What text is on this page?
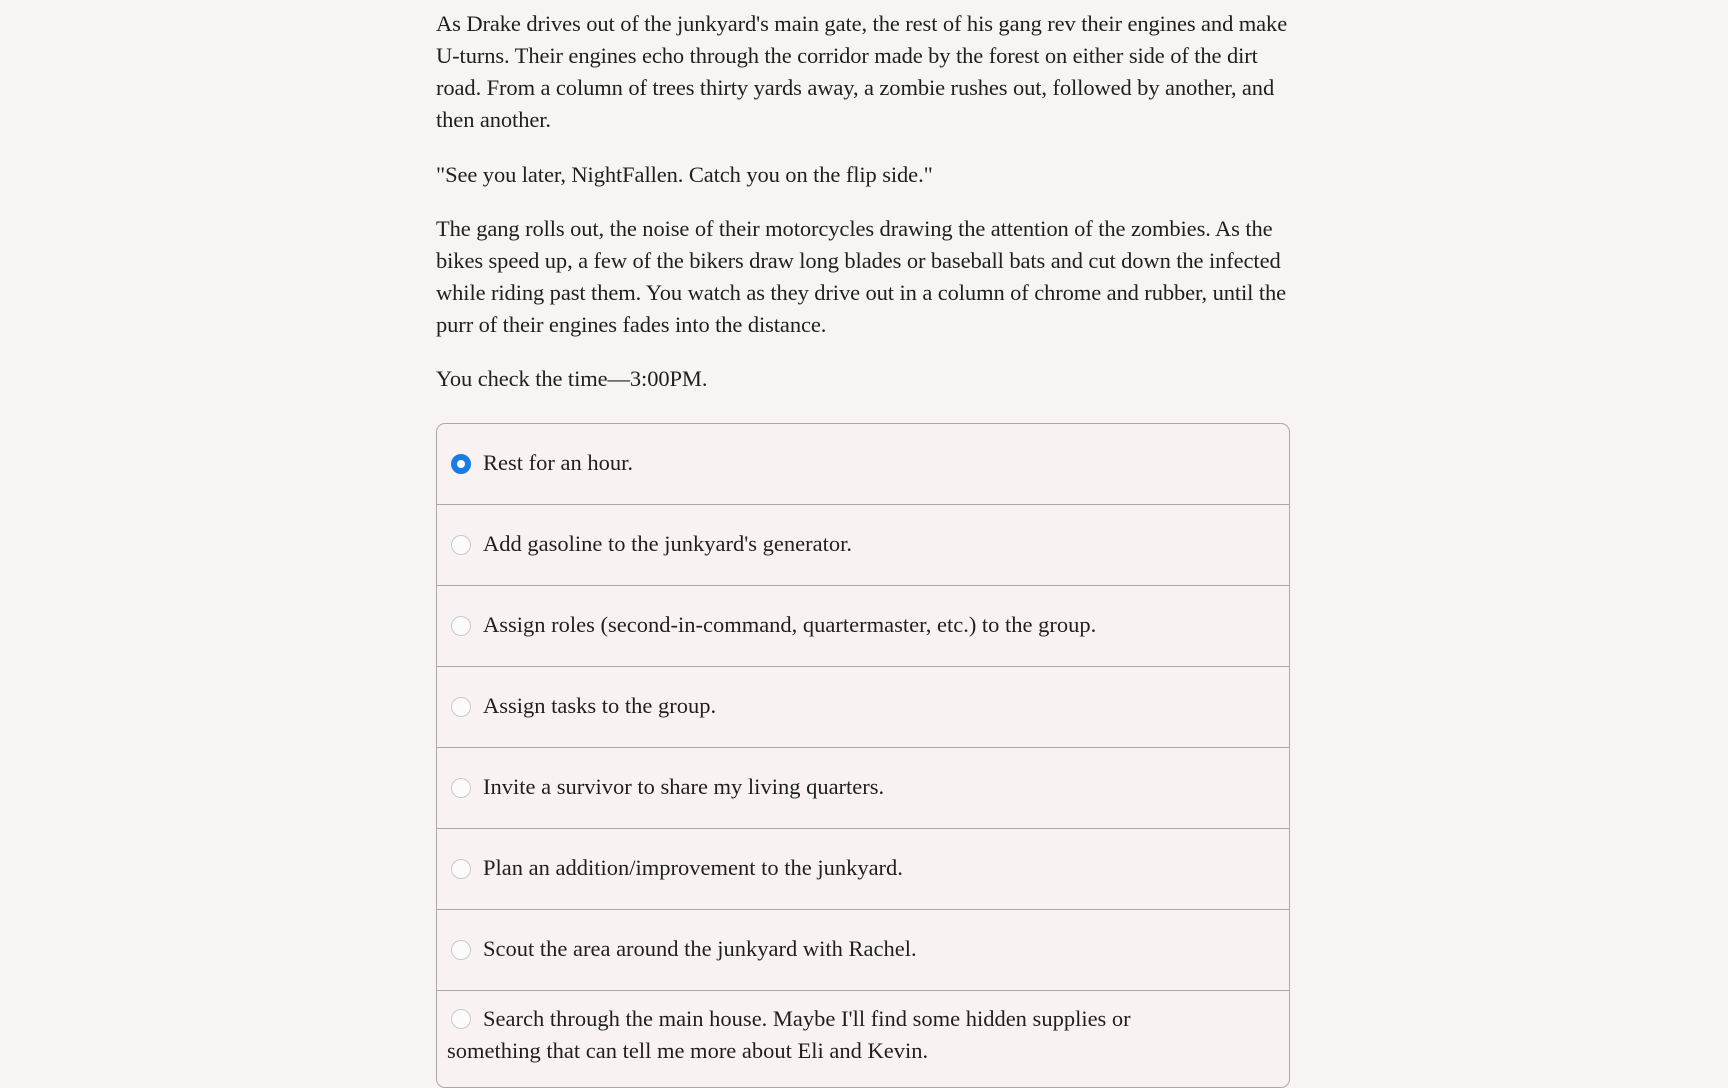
As Drake drives out of the junkyard's main gate, the rest of his gang rev their engines and make U-turns. Their engines echo through the corridor made by the forest on either side of the dirt road. From a column of trees thirty yards away, a zombie rushes out, followed by another, and then another.

"See you later, NightFallen. Catch you on the flip side."

The gang rolls out, the noise of their motorcycles drawing the attention of the zombies. As the bikes speed up, a few of the bikers draw long blades or baseball bats and cut down the infected while riding past them. You watch as they drive out in a column of chrome and rubber, until the purr of their engines fades into the distance.

You check the time—3:00PM.

Rest for an hour.
Add gasoline to the junkyard's generator.
Assign roles (second-in-command, quartermaster, etc.) to the group.
Assign tasks to the group.
Invite a survivor to share my living quarters.
Plan an addition/improvement to the junkyard.
Scout the area around the junkyard with Rachel.
Search through the main house. Maybe I'll find some hidden supplies or something that can tell me more about Eli and Kevin.
